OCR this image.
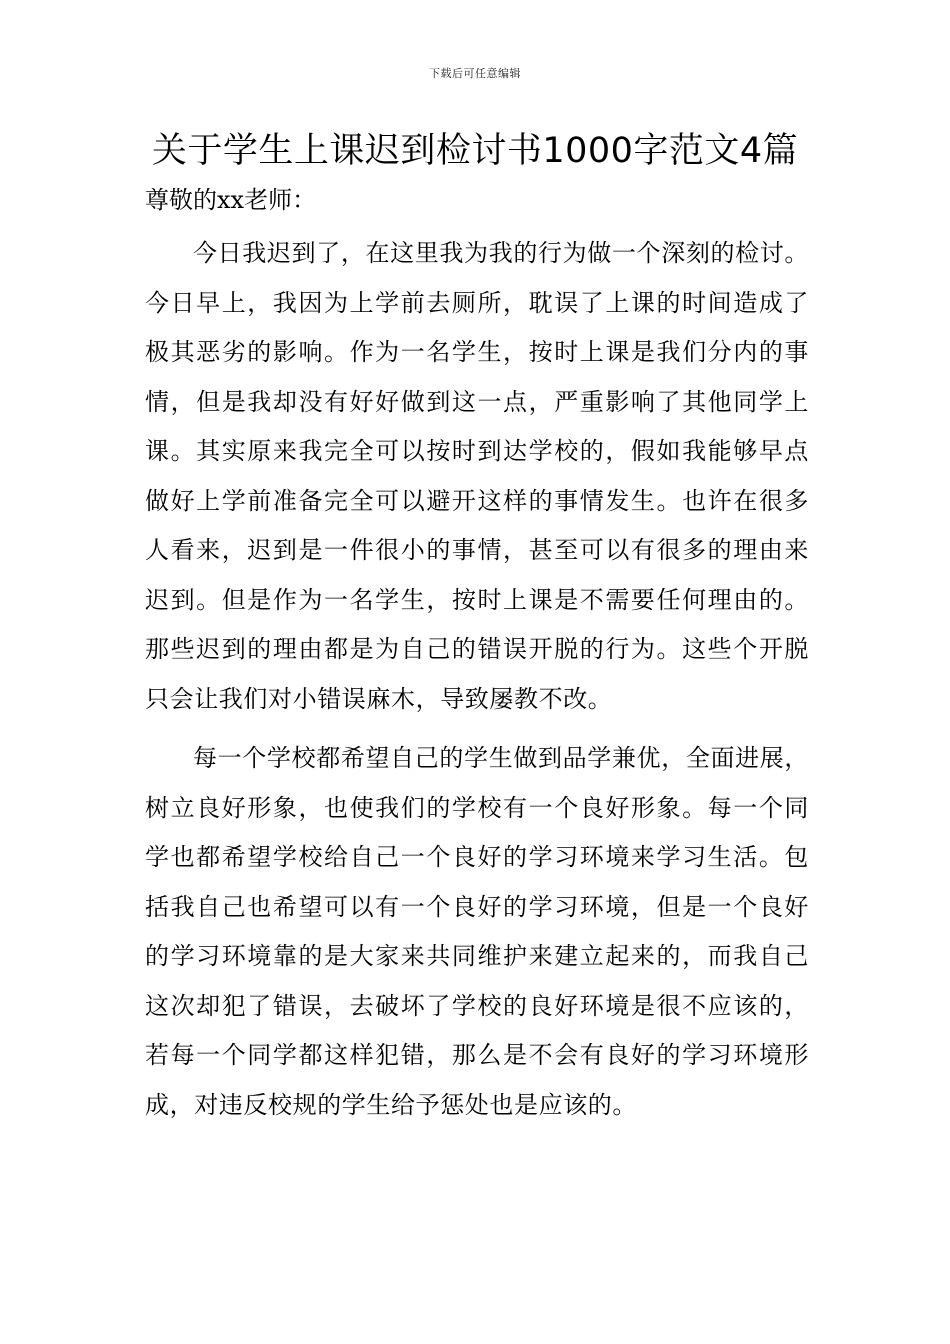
下载后可任意编辑
关于学生上课迟到检讨书1000字范文4篇

尊敬的xx老师：

今日我迟到了，在这里我为我的行为做一个深刻的检讨。今日早上，我因为上学前去厕所，耽误了上课的时间造成了极其恶劣的影响。作为一名学生，按时上课是我们分内的事情，但是我却没有好好做到这一点，严重影响了其他同学上课。其实原来我完全可以按时到达学校的，假如我能够早点做好上学前准备完全可以避开这样的事情发生。也许在很多人看来，迟到是一件很小的事情，甚至可以有很多的理由来迟到。但是作为一名学生，按时上课是不需要任何理由的。那些迟到的理由都是为自己的错误开脱的行为。这些个开脱只会让我们对小错误麻木，导致屡教不改。

每一个学校都希望自己的学生做到品学兼优，全面进展，树立良好形象，也使我们的学校有一个良好形象。每一个同学也都希望学校给自己一个良好的学习环境来学习生活。包括我自己也希望可以有一个良好的学习环境，但是一个良好的学习环境靠的是大家来共同维护来建立起来的，而我自己这次却犯了错误，去破坏了学校的良好环境是很不应该的，若每一个同学都这样犯错，那么是不会有良好的学习环境形成，对违反校规的学生给予惩处也是应该的。
